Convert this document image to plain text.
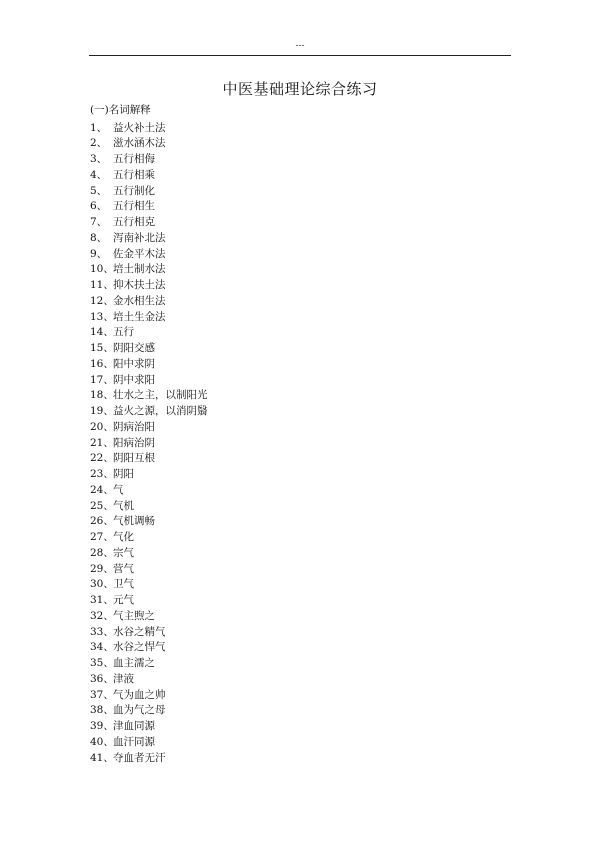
---
中医基础理论综合练习
(一)名词解释
1、 益火补土法
2、 滋水涵木法
3、 五行相侮
4、 五行相乘
5、 五行制化
6、 五行相生
7、 五行相克
8、 泻南补北法
9、 佐金平木法
10、 培土制水法
11、 抑木扶土法
12、 金水相生法
13、 培土生金法
14、 五行
15、 阴阳交感
16、 阳中求阴
17、 阴中求阳
18、 壮水之主，以制阳光
19、 益火之源，以消阴翳
20、 阴病治阳
21、 阳病治阴
22、 阴阳互根
23、 阴阳
24、 气
25、 气机
26、 气机调畅
27、 气化
28、 宗气
29、 营气
30、 卫气
31、 元气
32、 气主煦之
33、 水谷之精气
34、 水谷之悍气
35、 血主濡之
36、 津液
37、 气为血之帅
38、 血为气之母
39、 津血同源
40、 血汗同源
41、 夺血者无汗
